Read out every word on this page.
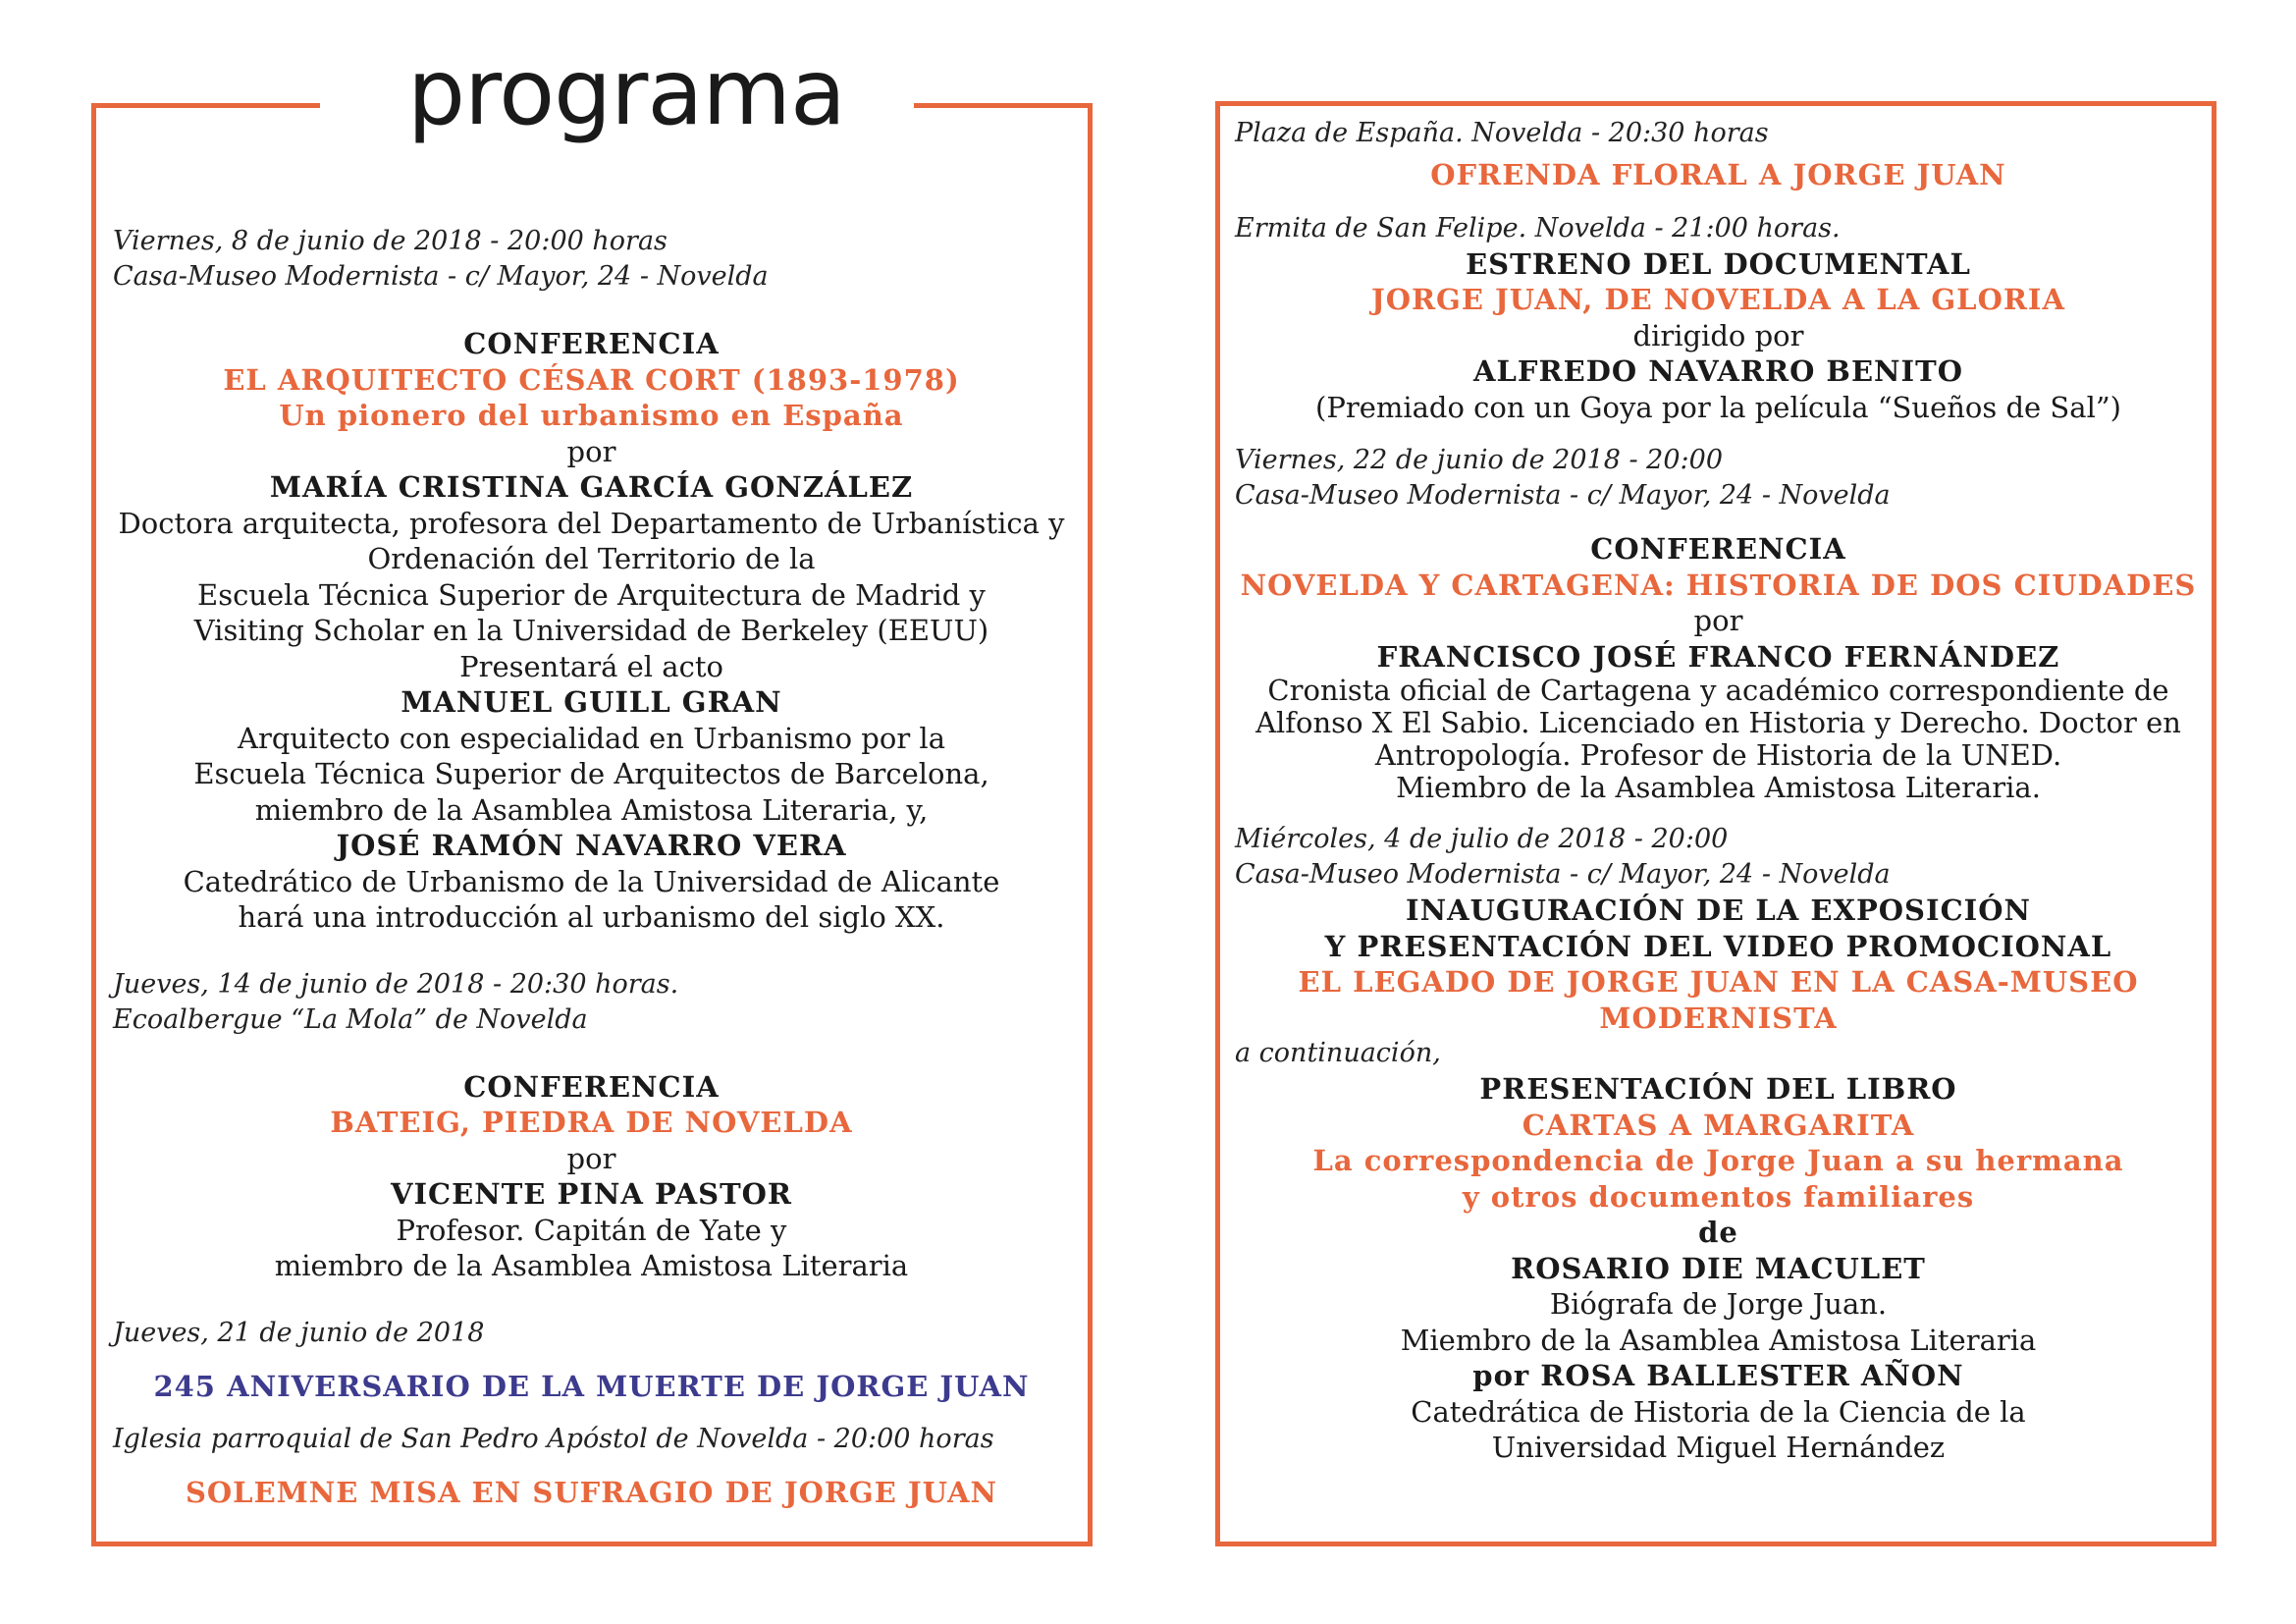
programa
Viernes, 8 de junio de 2018 - 20:00 horas
Casa-Museo Modernista - c/ Mayor, 24 - Novelda
CONFERENCIA
EL ARQUITECTO CÉSAR CORT (1893-1978)
Un pionero del urbanismo en España
por
MARÍA CRISTINA GARCÍA GONZÁLEZ
Doctora arquitecta, profesora del Departamento de Urbanística y
Ordenación del Territorio de la
Escuela Técnica Superior de Arquitectura de Madrid y
Visiting Scholar en la Universidad de Berkeley (EEUU)
Presentará el acto
MANUEL GUILL GRAN
Arquitecto con especialidad en Urbanismo por la
Escuela Técnica Superior de Arquitectos de Barcelona,
miembro de la Asamblea Amistosa Literaria, y,
JOSÉ RAMÓN NAVARRO VERA
Catedrático de Urbanismo de la Universidad de Alicante
hará una introducción al urbanismo del siglo XX.
Jueves, 14 de junio de 2018 - 20:30 horas.
Ecoalbergue “La Mola” de Novelda
CONFERENCIA
BATEIG, PIEDRA DE NOVELDA
por
VICENTE PINA PASTOR
Profesor. Capitán de Yate y
miembro de la Asamblea Amistosa Literaria
Jueves, 21 de junio de 2018
245 ANIVERSARIO DE LA MUERTE DE JORGE JUAN
Iglesia parroquial de San Pedro Apóstol de Novelda - 20:00 horas
SOLEMNE MISA EN SUFRAGIO DE JORGE JUAN
Plaza de España. Novelda - 20:30 horas
OFRENDA FLORAL A JORGE JUAN
Ermita de San Felipe. Novelda - 21:00 horas.
ESTRENO DEL DOCUMENTAL
JORGE JUAN, DE NOVELDA A LA GLORIA
dirigido por
ALFREDO NAVARRO BENITO
(Premiado con un Goya por la película “Sueños de Sal”)
Viernes, 22 de junio de 2018 - 20:00
Casa-Museo Modernista - c/ Mayor, 24 - Novelda
CONFERENCIA
NOVELDA Y CARTAGENA: HISTORIA DE DOS CIUDADES
por
FRANCISCO JOSÉ FRANCO FERNÁNDEZ
Cronista oficial de Cartagena y académico correspondiente de
Alfonso X El Sabio. Licenciado en Historia y Derecho. Doctor en
Antropología. Profesor de Historia de la UNED.
Miembro de la Asamblea Amistosa Literaria.
Miércoles, 4 de julio de 2018 - 20:00
Casa-Museo Modernista - c/ Mayor, 24 - Novelda
INAUGURACIÓN DE LA EXPOSICIÓN
Y PRESENTACIÓN DEL VIDEO PROMOCIONAL
EL LEGADO DE JORGE JUAN EN LA CASA-MUSEO
MODERNISTA
a continuación,
PRESENTACIÓN DEL LIBRO
CARTAS A MARGARITA
La correspondencia de Jorge Juan a su hermana
y otros documentos familiares
de
ROSARIO DIE MACULET
Biógrafa de Jorge Juan.
Miembro de la Asamblea Amistosa Literaria
por ROSA BALLESTER AÑON
Catedrática de Historia de la Ciencia de la
Universidad Miguel Hernández
